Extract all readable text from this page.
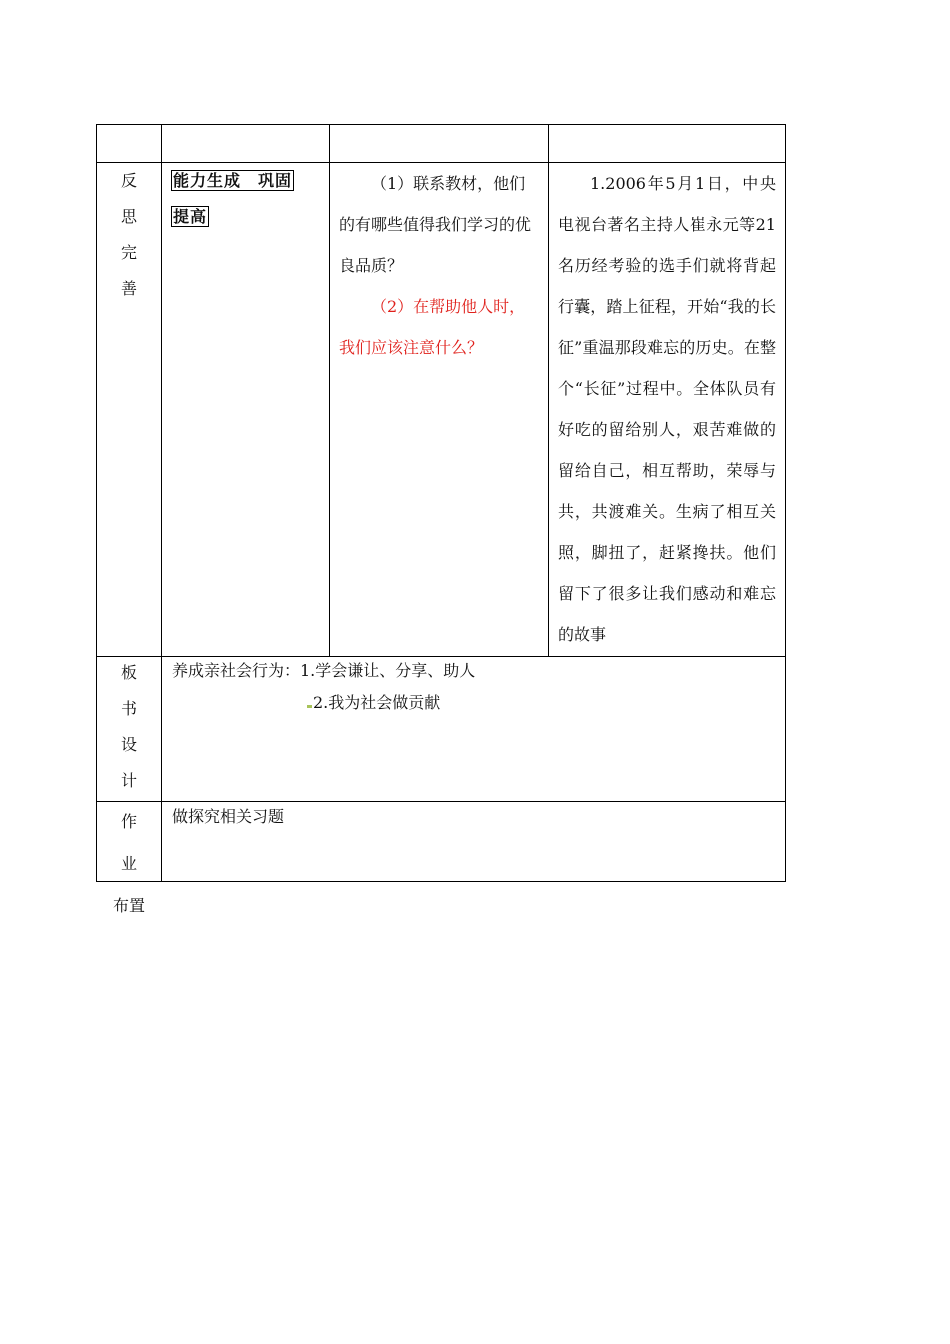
反
思
完
善
能力生成　巩固
提高

（1）联系教材，他们的有哪些值得我们学习的优良品质？

（2）在帮助他人时，我们应该注意什么？

1.2006年5月1日，中央电视台著名主持人崔永元等21名历经考验的选手们就将背起行囊，踏上征程，开始“我的长征”重温那段难忘的历史。在整个“长征”过程中。全体队员有好吃的留给别人，艰苦难做的留给自己，相互帮助，荣辱与共，共渡难关。生病了相互关照，脚扭了，赶紧搀扶。他们留下了很多让我们感动和难忘的故事
板
书
设
计
养成亲社会行为：1.学会谦让、分享、助人
2.我为社会做贡献
作业
布置
做探究相关习题
